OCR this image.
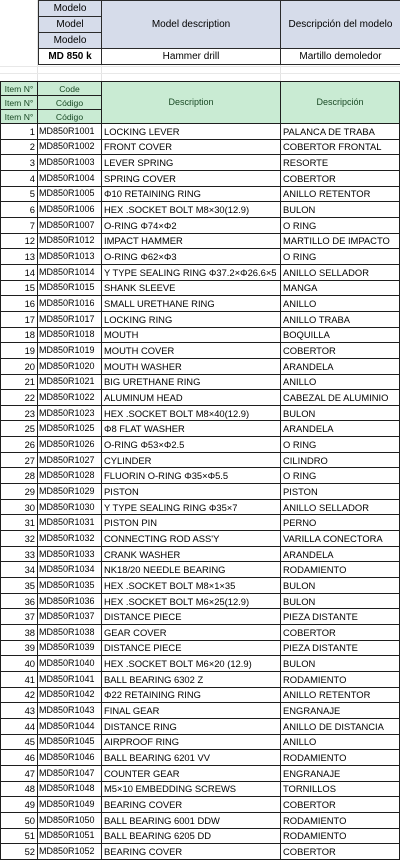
Modelo	Model description	Descripción del modelo
Model		
Modelo		
MD 850 k	Hammer drill	Martillo demoledor
Item N°	Code	Description	Descripción
Item N°	Código		
Item N°	Código		
1	MD850R1001	LOCKING LEVER	PALANCA DE TRABA
2	MD850R1002	FRONT COVER	COBERTOR FRONTAL
3	MD850R1003	LEVER SPRING	RESORTE
4	MD850R1004	SPRING COVER	COBERTOR
5	MD850R1005	Φ10 RETAINING RING	ANILLO RETENTOR
6	MD850R1006	HEX .SOCKET BOLT M8×30(12.9)	BULON
7	MD850R1007	O-RING Φ74×Φ2	O RING
12	MD850R1012	IMPACT HAMMER	MARTILLO DE IMPACTO
13	MD850R1013	O-RING Φ62×Φ3	O RING
14	MD850R1014	Y TYPE SEALING RING Φ37.2×Φ26.6×5	ANILLO SELLADOR
15	MD850R1015	SHANK SLEEVE	MANGA
16	MD850R1016	SMALL URETHANE RING	ANILLO
17	MD850R1017	LOCKING RING	ANILLO TRABA
18	MD850R1018	MOUTH	BOQUILLA
19	MD850R1019	MOUTH COVER	COBERTOR
20	MD850R1020	MOUTH WASHER	ARANDELA
21	MD850R1021	BIG URETHANE RING	ANILLO
22	MD850R1022	ALUMINUM HEAD	CABEZAL DE ALUMINIO
23	MD850R1023	HEX .SOCKET BOLT M8×40(12.9)	BULON
25	MD850R1025	Φ8 FLAT WASHER	ARANDELA
26	MD850R1026	O-RING Φ53×Φ2.5	O RING
27	MD850R1027	CYLINDER	CILINDRO
28	MD850R1028	FLUORIN O-RING Φ35×Φ5.5	O RING
29	MD850R1029	PISTON	PISTON
30	MD850R1030	Y TYPE SEALING RING Φ35×7	ANILLO SELLADOR
31	MD850R1031	PISTON PIN	PERNO
32	MD850R1032	CONNECTING ROD ASS'Y	VARILLA CONECTORA
33	MD850R1033	CRANK WASHER	ARANDELA
34	MD850R1034	NK18/20 NEEDLE BEARING	RODAMIENTO
35	MD850R1035	HEX .SOCKET BOLT M8×1×35	BULON
36	MD850R1036	HEX .SOCKET BOLT M6×25(12.9)	BULON
37	MD850R1037	DISTANCE PIECE	PIEZA DISTANTE
38	MD850R1038	GEAR COVER	COBERTOR
39	MD850R1039	DISTANCE PIECE	PIEZA DISTANTE
40	MD850R1040	HEX .SOCKET BOLT M6×20 (12.9)	BULON
41	MD850R1041	BALL BEARING 6302 Z	RODAMIENTO
42	MD850R1042	Φ22 RETAINING RING	ANILLO RETENTOR
43	MD850R1043	FINAL GEAR	ENGRANAJE
44	MD850R1044	DISTANCE RING	ANILLO DE DISTANCIA
45	MD850R1045	AIRPROOF RING	ANILLO
46	MD850R1046	BALL BEARING 6201 VV	RODAMIENTO
47	MD850R1047	COUNTER GEAR	ENGRANAJE
48	MD850R1048	M5×10 EMBEDDING SCREWS	TORNILLOS
49	MD850R1049	BEARING COVER	COBERTOR
50	MD850R1050	BALL BEARING 6001 DDW	RODAMIENTO
51	MD850R1051	BALL BEARING 6205 DD	RODAMIENTO
52	MD850R1052	BEARING COVER	COBERTOR
